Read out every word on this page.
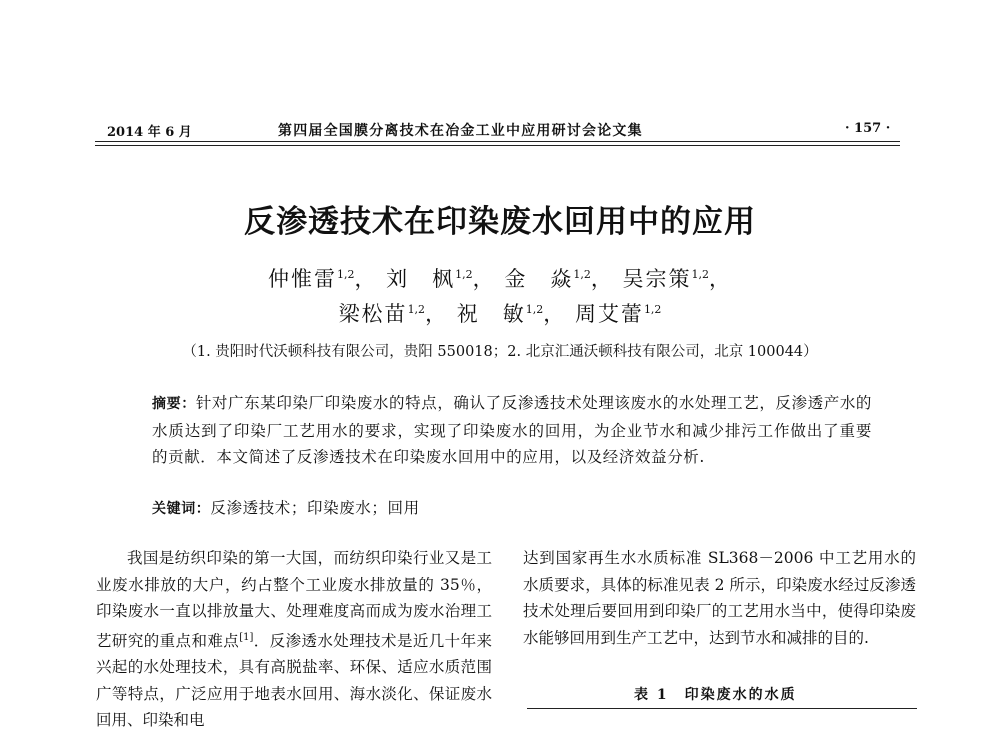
2014 年 6 月	第四届全国膜分离技术在冶金工业中应用研讨会论文集	· 157 ·
反渗透技术在印染废水回用中的应用
仲惟雷$^{1,2}$， 刘　枫$^{1,2}$， 金　焱$^{1,2}$， 吴宗策$^{1,2}$，
梁松苗$^{1,2}$， 祝　敏$^{1,2}$， 周艾蕾$^{1,2}$
（1. 贵阳时代沃顿科技有限公司，贵阳 550018；2. 北京汇通沃顿科技有限公司，北京 100044）
摘要：针对广东某印染厂印染废水的特点，确认了反渗透技术处理该废水的水处理工艺，反渗透产水的水质达到了印染厂工艺用水的要求，实现了印染废水的回用，为企业节水和减少排污工作做出了重要的贡献．本文简述了反渗透技术在印染废水回用中的应用，以及经济效益分析.
关键词：反渗透技术；印染废水；回用
我国是纺织印染的第一大国，而纺织印染行业又是工业废水排放的大户，约占整个工业废水排放量的 35％，印染废水一直以排放量大、处理难度高而成为废水治理工艺研究的重点和难点[1]．反渗透水处理技术是近几十年来兴起的水处理技术，具有高脱盐率、环保、适应水质范围广等特点，广泛应用于地表水回用、海水淡化、保证废水回用、印染和电
达到国家再生水水质标准 SL368－2006 中工艺用水的水质要求，具体的标准见表 2 所示，印染废水经过反渗透技术处理后要回用到印染厂的工艺用水当中，使得印染废水能够回用到生产工艺中，达到节水和减排的目的.
表 1　印染废水的水质
